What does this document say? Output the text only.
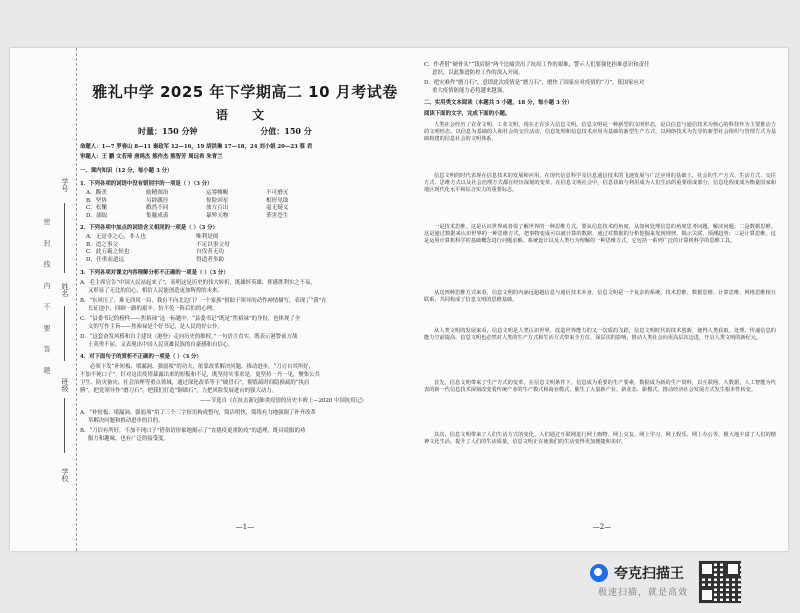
学号
姓名
班级
学校
密 封 线 内 不 要 答 题
雅礼中学 2025 年下学期高二 10 月考试卷
语 文
时量：150 分钟	分值：150 分
命题人：1—7 罗春山 8—11 秦政军 12—16，19 胡洪琳 17—18，24 刘小娟 20—23 蔡 君
审题人：王 鹏 文若琦 唐鸿杰 熊作杰 熊智芳 周远希 朱青兰
一、课内知识（12 分，每小题 3 分）
1．下列各项的词语中没有错别字的一项是（ ）（3 分）
A．撕杀	励精图治	运筹帷幄	不可磨灭
B．坚协	另辟蹊径	惊险回星	相形见绌
C．松懈	戳然不同	放方百出	毫无疑义
D．溺取	集腋成裘	暴殄天物	荼害苍生
2．下列各项中加点的词语含义相同的一项是（ ）（3 分）
A．无是非之心，非人也	唯利是图
B．迨之事父	不足以事父母
C．此五霸之侯也	自伐者无功
D．任重而道远	得道者多助
3．下列各项对课文内容理解分析不正确的一项是（ ）（3 分）
A．毛主席宣告“中国人民站起来了”，表明这是历史的伟大转折，既雄怀英雄，挥感胜利实之不易，
又彰显了无比的信心，相信人民能创造更加辉煌的未来。
B．“东风压了，难无西风一局，我有不向北边门？一个家族”借助于领导的动作神情描写，表现了“我”在
长征途中，回顾一路的艰辛。仿不免一阵后怕的心理。
C．“县委书记的榜样——焦裕禄”这一标题中，“县委书记”既是“焦裕禄”的身份，也体现了全
文的写作主旨——焦裕禄是个好书记，是人民的好公仆。
D．“这套奋发风格和自主建设（港登）走向历史的维权。”一句语言直实，既表示港警前方战
士英勇不屈，又表现出中国人民英雄民族的自豪感和自信心。
4．对下面句子的赏析不正确的一项是（ ）（3 分）
必须下发“补短板、堵漏洞、强弱项”的功夫，依靠改革解决问题、推动进步，“刀刃自其所好，
不加不钝口子”，针对这次疫情暴露出来的短板和不足，既坚持实事求是，更坚持一丹一见，聚集公共
卫生、防灾备灾、社会治理等重点领域，通过深化改革等于“破冒石”，彻底疏时间隐换疏的“执肩
膊”，把党领导作“磨刀石”，把我们打造“铜墙石”，力把风险发展进台的强大动力。
——节选自《在抗击新冠肺炎疫情的历史丰碑上—2020 中国抗疫记》
A．“补短板、堵漏洞、强弱项”用了三个三字短语构成整句，简洁明快，简练有力地强调了补齐改革
革解决问题和推动进步的目的。
B．“刀信有所好，不加不钝口子”借俗语形象地揭示了“直挑疫更重防疫”的道理，既具说服的劝
服力和趣味，也有广泛的接受度。
—1—
C．作者借“硬骨头”“钱肩膀”两个比喻突出了抗疫工作的艰难，警示人们要强化担难意识和责任
意识，以此推进防控工作的深入开展。
D．把灾难作“磨刀石”，意即此次疫情是“磨刀石”，磨快了国家应对疫情的“刀”，使国家应对
重大疫情防能力必将越来越强。
二、实用类文本阅读（本题共 5 小题，18 分，每小题 3 分）
阅读下面的文字，完成下面的小题。
人类社会经历了农业文明、工业文明，现在正在步入信息文明。信息文明是一种新型的文明形态，是以信息与通信技术为核心的科技作为主要推动力的文明形态。以信息为基础的人和社会的交往活动，信息处理和信息技术应用为基础的新型生产方式，以网络技术为先导的新型社会组织与管理方式为基础构建的信息社会的文明体系。
信息文明的时代表现在信息技术的发展和应用，在现代信息科学及信息通信技术的飞速发展与广泛应用的基础上，社会的生产方式、生活方式、交往方式、思维方式以及社会治理方式都在经历深刻的变革。在信息文明社会中，信息获取与利用成为人们生活的重要组成部分，信息化程度成为衡量国家和地区现代化水平和综合实力的重要标志。
一是技术思维。这是认识世界或者说了解世界的一种思维方式。要从信息技术的角度，从如何处理信息的角度思考问题、解决问题；二是数据思维。这是通过数据来认识世界的一种思维方式，把事物变成可以被计算的数据，通过对数据的分析挖掘来发现规律、揭示关联、预测趋势；三是计算思维。这是运用计算机科学的基础概念进行问题求解、系统设计以及人类行为理解的一种思维方式，它包括一系列广泛的计算机科学的思维工具。
从这四种思维方式来看，信息文明的内涵远超越信息与通信技术本身，信息文明是一个复杂的系统，技术思维、数据思维、计算思维、网络思维相互联系，共同构成了信息文明的思维基础。
从人类文明的发展来看，信息文明是人类认识世界、改造世界能力的又一次质的飞跃，信息文明时代的技术创新，使得人类获取、处理、传递信息的能力空前提高，信息文明也必然对人类的生产方式和生活方式带来全方位、深层次的影响，推动人类社会向更高层次迈进，开启人类文明的新纪元。
首先，信息文明带来了生产方式的变革。在信息文明条件下，信息成为重要的生产要素，数据成为新的生产资料，以互联网、大数据、人工智能为代表的新一代信息技术深刻改变着传统产业的生产模式和商业模式，催生了大量新产业、新业态、新模式，推动经济社会发展方式发生根本性转变。
其次，信息文明带来了人们生活方式的变化。人们通过互联网进行网上购物、网上交友、网上学习、网上娱乐、网上办公等，极大地丰富了人们的精神文化生活，提升了人们的生活质量，信息文明正在使我们的生活变得更加便捷和美好。
—2—
夸克扫描王
极速扫描，就是高效
